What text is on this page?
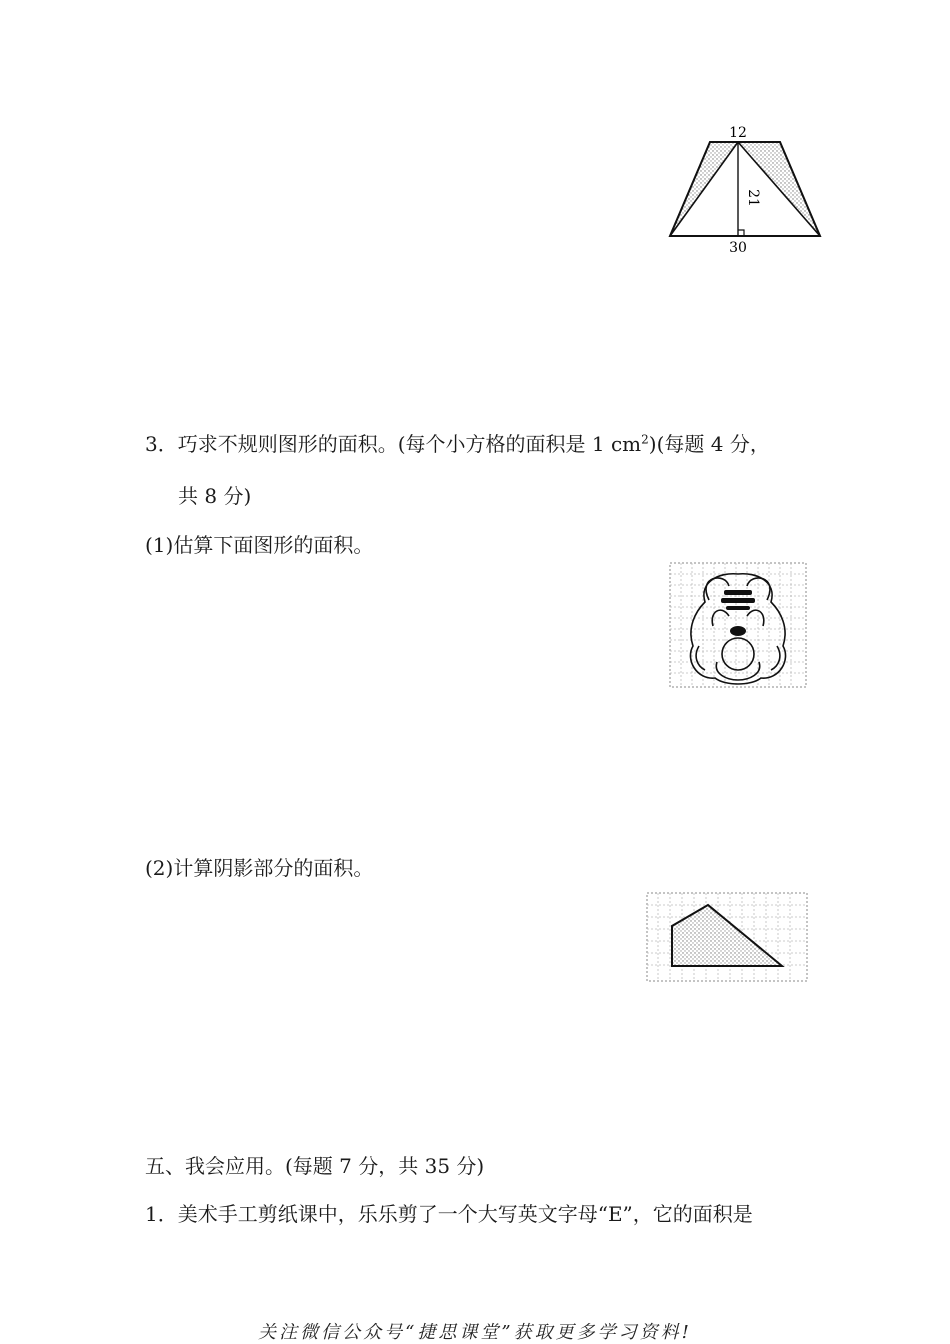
12
21
30
3．巧求不规则图形的面积。(每个小方格的面积是 1 $cm^2$)(每题 4 分，
共 8 分)
(1)估算下面图形的面积。
(2)计算阴影部分的面积。
五、我会应用。(每题 7 分，共 35 分)
1．美术手工剪纸课中，乐乐剪了一个大写英文字母“E”，它的面积是
关注微信公众号“捷思课堂”获取更多学习资料!
